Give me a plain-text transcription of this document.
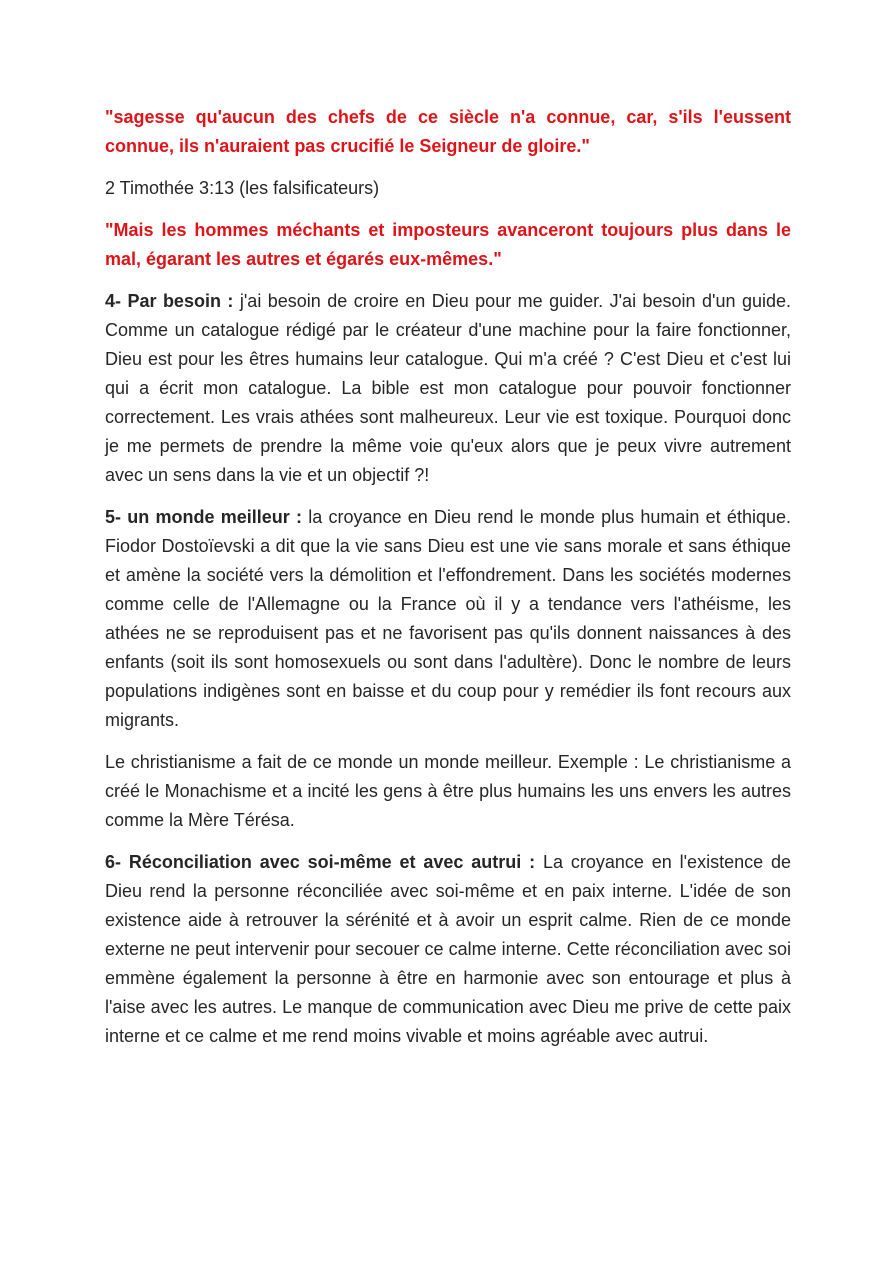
"sagesse qu'aucun des chefs de ce siècle n'a connue, car, s'ils l'eussent connue, ils n'auraient pas crucifié le Seigneur de gloire."

2 Timothée 3:13 (les falsificateurs)

"Mais les hommes méchants et imposteurs avanceront toujours plus dans le mal, égarant les autres et égarés eux-mêmes."

4- Par besoin : j'ai besoin de croire en Dieu pour me guider. J'ai besoin d'un guide. Comme un catalogue rédigé par le créateur d'une machine pour la faire fonctionner, Dieu est pour les êtres humains leur catalogue. Qui m'a créé ? C'est Dieu et c'est lui qui a écrit mon catalogue. La bible est mon catalogue pour pouvoir fonctionner correctement. Les vrais athées sont malheureux. Leur vie est toxique. Pourquoi donc je me permets de prendre la même voie qu'eux alors que je peux vivre autrement avec un sens dans la vie et un objectif ?!

5- un monde meilleur : la croyance en Dieu rend le monde plus humain et éthique. Fiodor Dostoïevski a dit que la vie sans Dieu est une vie sans morale et sans éthique et amène la société vers la démolition et l'effondrement. Dans les sociétés modernes comme celle de l'Allemagne ou la France où il y a tendance vers l'athéisme, les athées ne se reproduisent pas et ne favorisent pas qu'ils donnent naissances à des enfants (soit ils sont homosexuels ou sont dans l'adultère). Donc le nombre de leurs populations indigènes sont en baisse et du coup pour y remédier ils font recours aux migrants.

Le christianisme a fait de ce monde un monde meilleur. Exemple : Le christianisme a créé le Monachisme et a incité les gens à être plus humains les uns envers les autres comme la Mère Térésa.

6- Réconciliation avec soi-même et avec autrui : La croyance en l'existence de Dieu rend la personne réconciliée avec soi-même et en paix interne. L'idée de son existence aide à retrouver la sérénité et à avoir un esprit calme. Rien de ce monde externe ne peut intervenir pour secouer ce calme interne. Cette réconciliation avec soi emmène également la personne à être en harmonie avec son entourage et plus à l'aise avec les autres. Le manque de communication avec Dieu me prive de cette paix interne et ce calme et me rend moins vivable et moins agréable avec autrui.
